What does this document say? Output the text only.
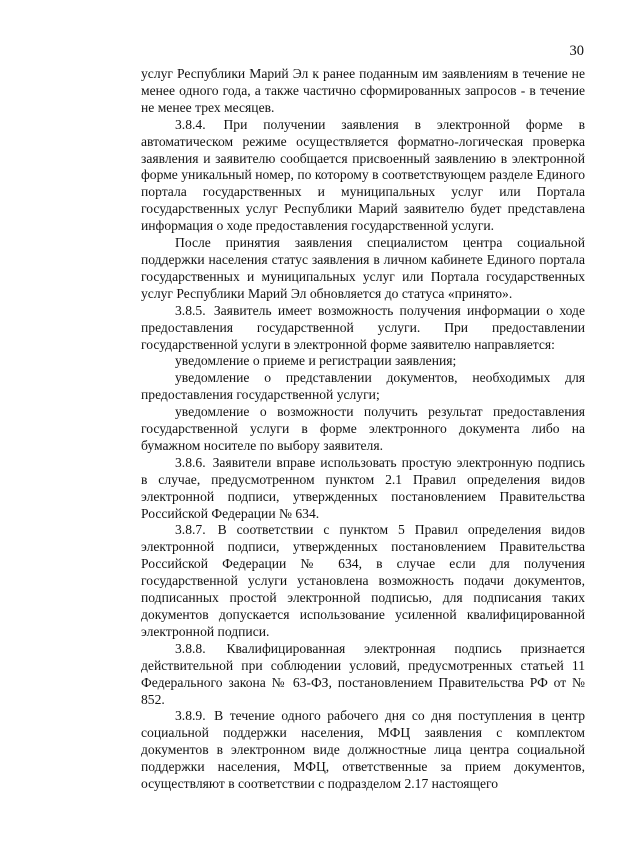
30

услуг Республики Марий Эл к ранее поданным им заявлениям в течение не менее одного года, а также частично сформированных запросов - в течение не менее трех месяцев.

3.8.4. При получении заявления в электронной форме в автоматическом режиме осуществляется форматно-логическая проверка заявления и заявителю сообщается присвоенный заявлению в электронной форме уникальный номер, по которому в соответствующем разделе Единого портала государственных и муниципальных услуг или Портала государственных услуг Республики Марий заявителю будет представлена информация о ходе предоставления государственной услуги.

После принятия заявления специалистом центра социальной поддержки населения статус заявления в личном кабинете Единого портала государственных и муниципальных услуг или Портала государственных услуг Республики Марий Эл обновляется до статуса «принято».

3.8.5. Заявитель имеет возможность получения информации о ходе предоставления государственной услуги. При предоставлении государственной услуги в электронной форме заявителю направляется:

уведомление о приеме и регистрации заявления;

уведомление о представлении документов, необходимых для предоставления государственной услуги;

уведомление о возможности получить результат предоставления государственной услуги в форме электронного документа либо на бумажном носителе по выбору заявителя.

3.8.6. Заявители вправе использовать простую электронную подпись в случае, предусмотренном пунктом 2.1 Правил определения видов электронной подписи, утвержденных постановлением Правительства Российской Федерации № 634.

3.8.7. В соответствии с пунктом 5 Правил определения видов электронной подписи, утвержденных постановлением Правительства Российской Федерации № 634, в случае если для получения государственной услуги установлена возможность подачи документов, подписанных простой электронной подписью, для подписания таких документов допускается использование усиленной квалифицированной электронной подписи.

3.8.8. Квалифицированная электронная подпись признается действительной при соблюдении условий, предусмотренных статьей 11 Федерального закона № 63-ФЗ, постановлением Правительства РФ от № 852.

3.8.9. В течение одного рабочего дня со дня поступления в центр социальной поддержки населения, МФЦ заявления с комплектом документов в электронном виде должностные лица центра социальной поддержки населения, МФЦ, ответственные за прием документов, осуществляют в соответствии с подразделом 2.17 настоящего
